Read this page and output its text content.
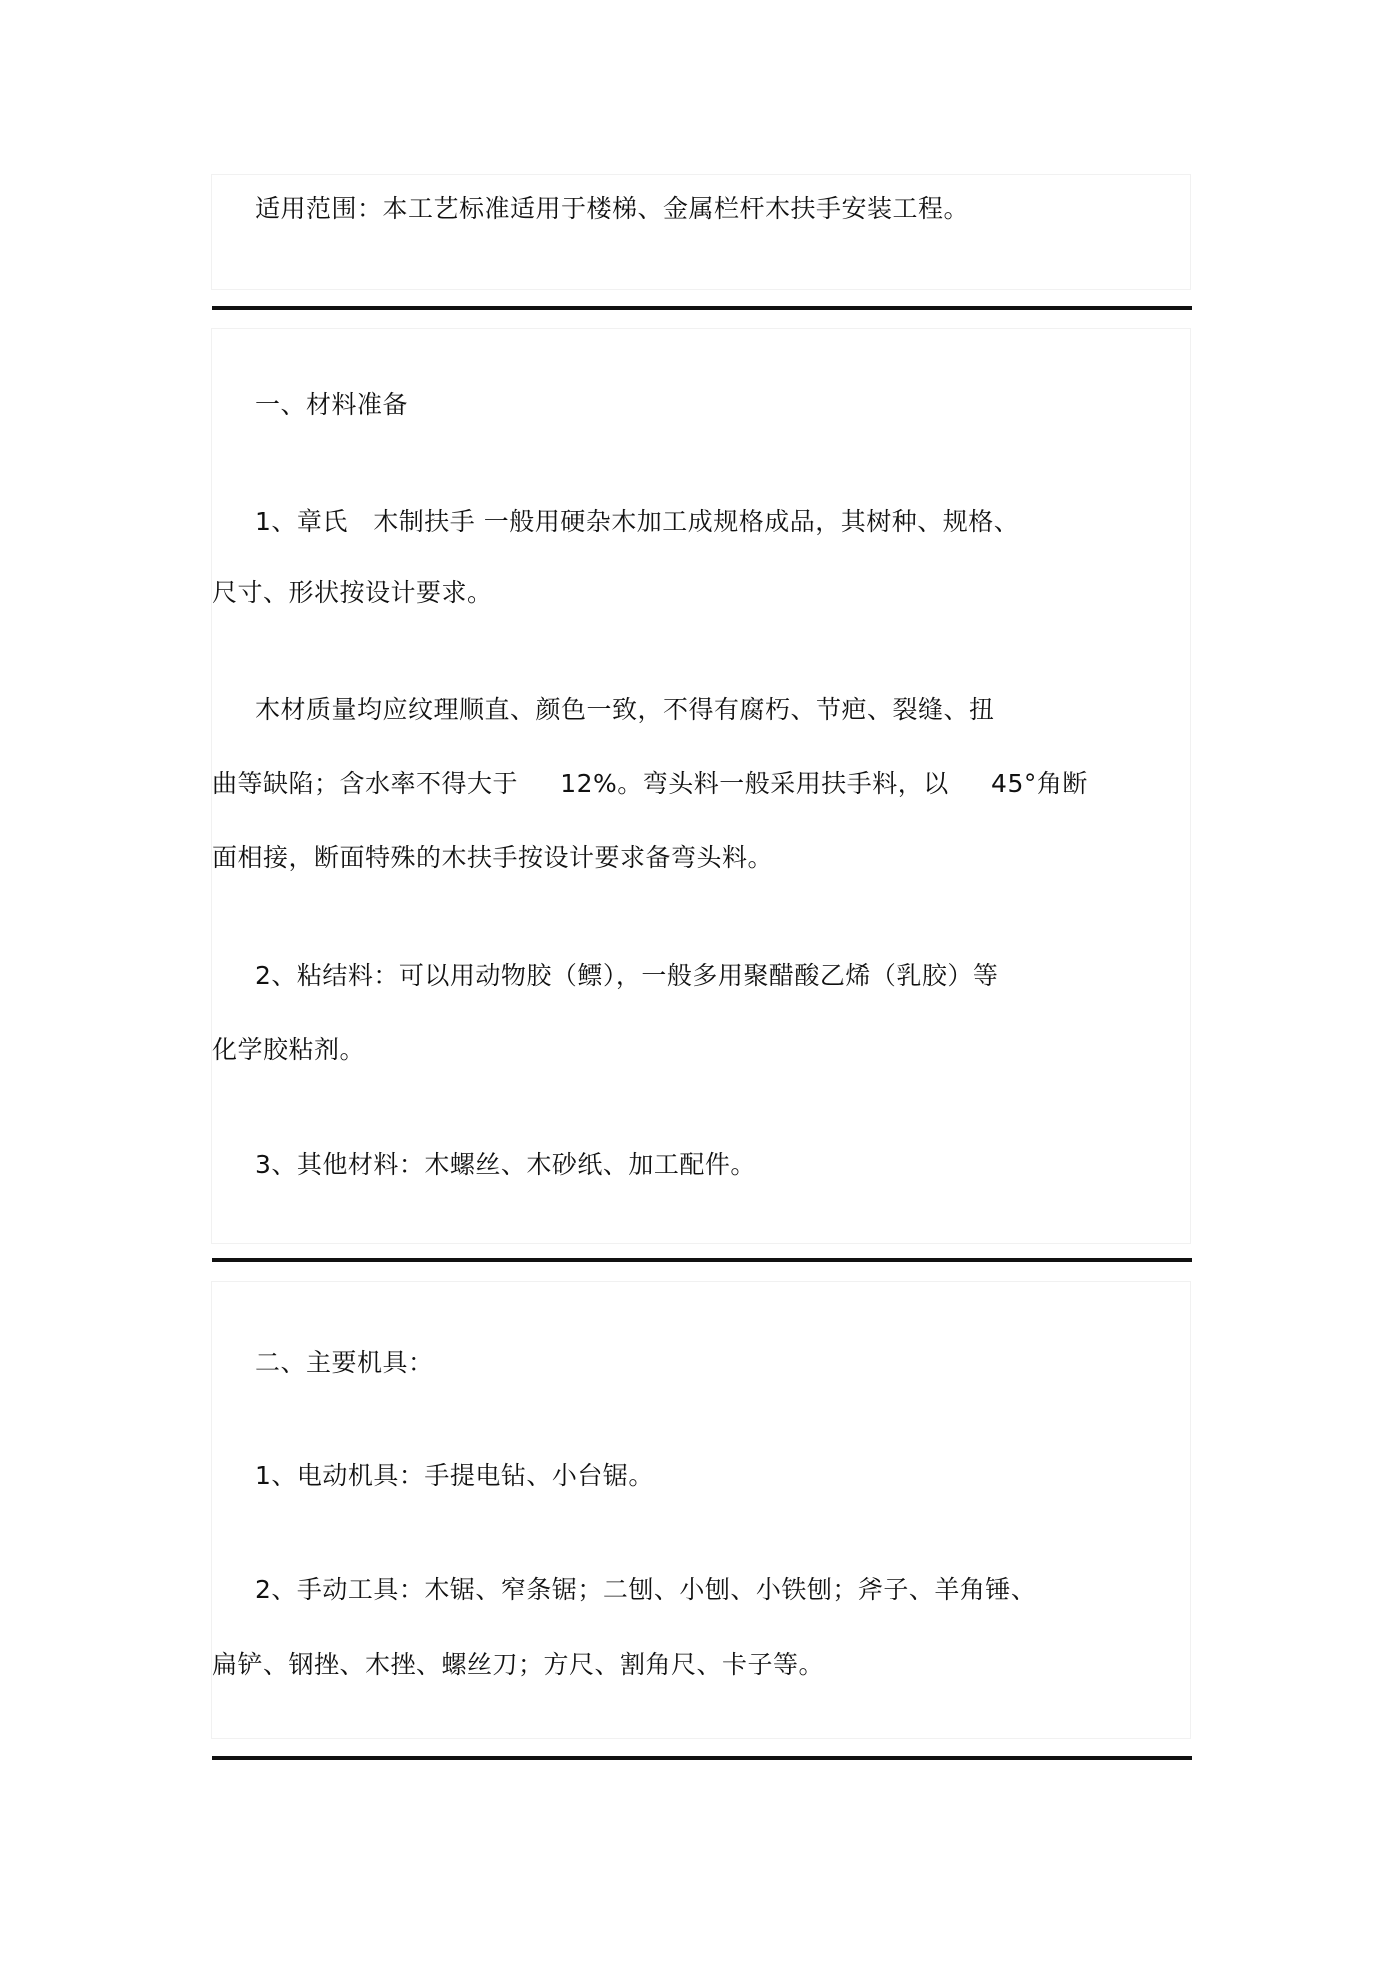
适用范围：本工艺标准适用于楼梯、金属栏杆木扶手安装工程。
一、材料准备
1、章氏   木制扶手 一般用硬杂木加工成规格成品，其树种、规格、
尺寸、形状按设计要求。
木材质量均应纹理顺直、颜色一致，不得有腐朽、节疤、裂缝、扭
曲等缺陷；含水率不得大于     12%。弯头料一般采用扶手料，以     45°角断
面相接，断面特殊的木扶手按设计要求备弯头料。
2、粘结料：可以用动物胶（鳔），一般多用聚醋酸乙烯（乳胶）等
化学胶粘剂。
3、其他材料：木螺丝、木砂纸、加工配件。
二、主要机具：
1、电动机具：手提电钻、小台锯。
2、手动工具：木锯、窄条锯；二刨、小刨、小铁刨；斧子、羊角锤、
扁铲、钢挫、木挫、螺丝刀；方尺、割角尺、卡子等。
